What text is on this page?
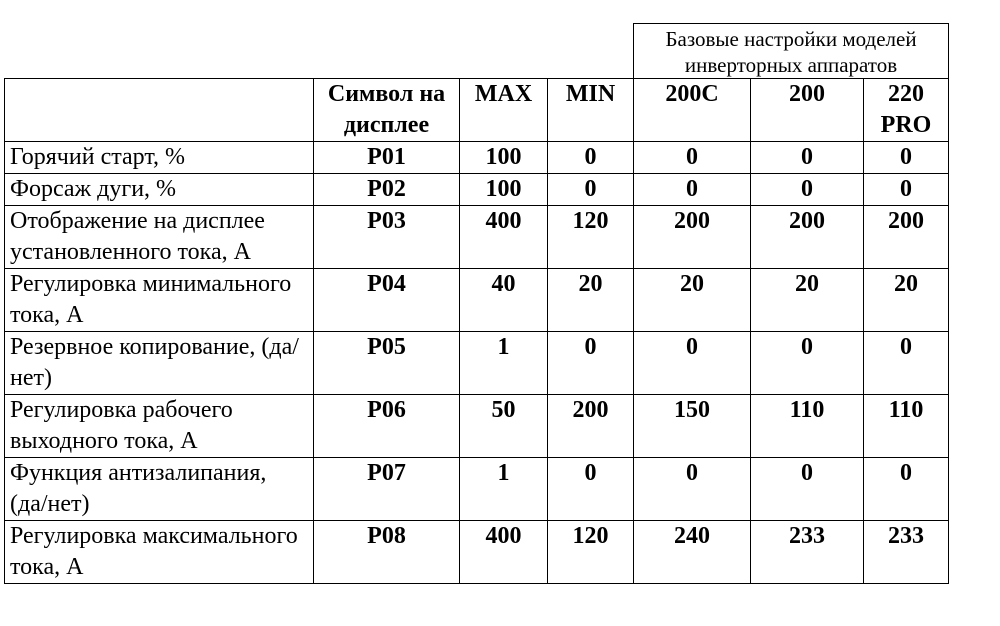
				Базовые настройки моделей инверторных аппаратов		
	Символ на дисплее	MAX	MIN	200C	200	220 PRO
Горячий старт, %	P01	100	0	0	0	0
Форсаж дуги, %	P02	100	0	0	0	0
Отображение на дисплее установленного тока, А	P03	400	120	200	200	200
Регулировка минимального тока, А	P04	40	20	20	20	20
Резервное копирование, (да/нет)	P05	1	0	0	0	0
Регулировка рабочего выходного тока, А	P06	50	200	150	110	110
Функция антизалипания, (да/нет)	P07	1	0	0	0	0
Регулировка максимального тока, А	P08	400	120	240	233	233
